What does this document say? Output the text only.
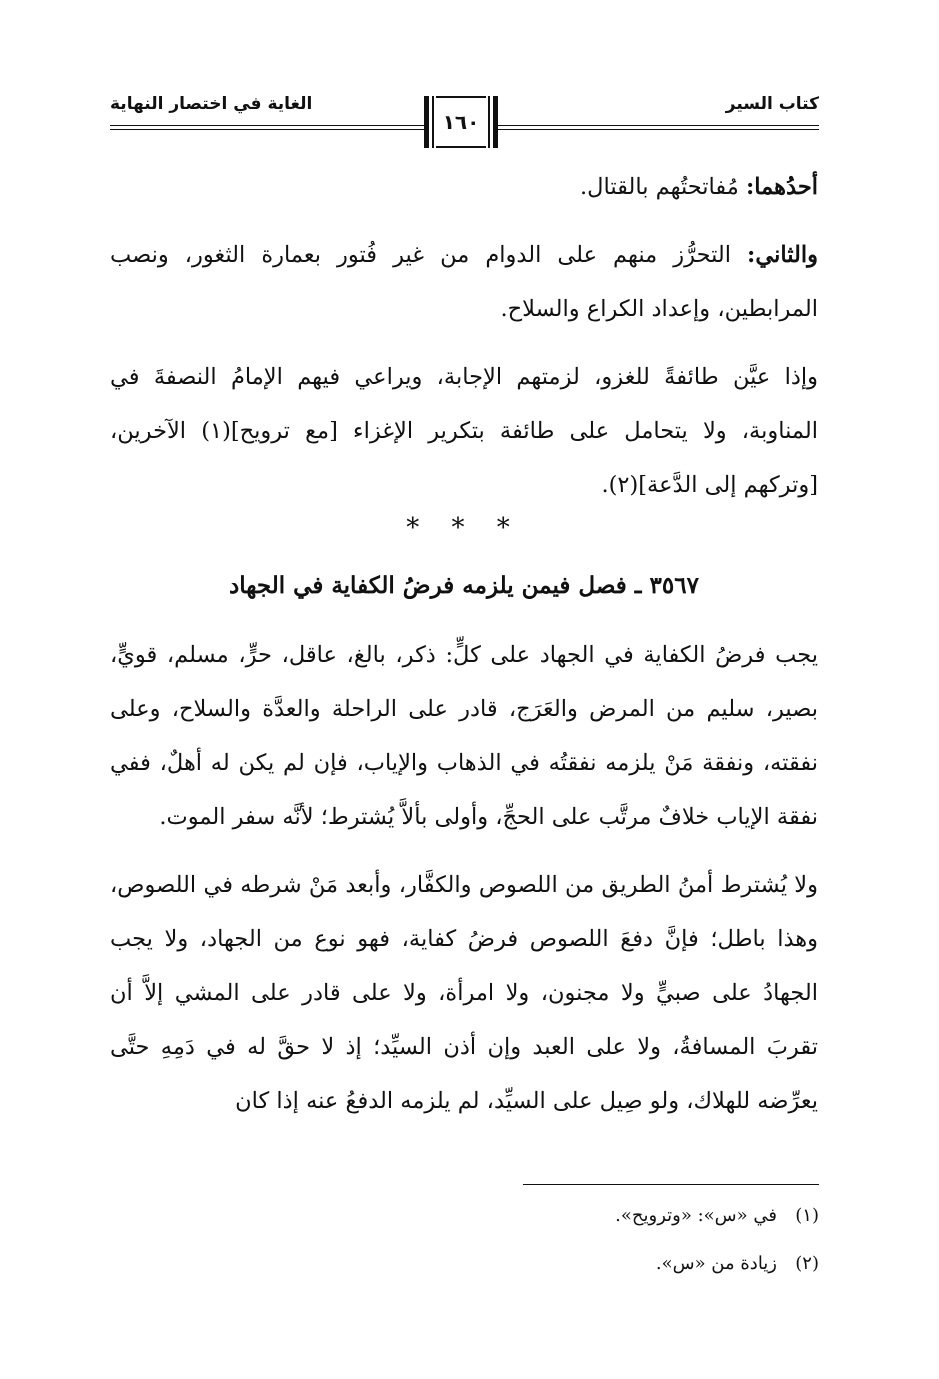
كتاب السير
الغاية في اختصار النهاية
١٦٠

أحدُهما: مُفاتحتُهم بالقتال.

والثاني: التحرُّز منهم على الدوام من غير فُتور بعمارة الثغور، ونصب المرابطين، وإعداد الكراع والسلاح.

وإذا عيَّن طائفةً للغزو، لزمتهم الإجابة، ويراعي فيهم الإمامُ النصفةَ في المناوبة، ولا يتحامل على طائفة بتكرير الإغزاء [مع ترويح](١) الآخرين، [وتركهم إلى الدَّعة](٢).

* * *
٣٥٦٧ ـ فصل فيمن يلزمه فرضُ الكفاية في الجهاد

يجب فرضُ الكفاية في الجهاد على كلٍّ: ذكر، بالغ، عاقل، حرٍّ، مسلم، قويٍّ، بصير، سليم من المرض والعَرَج، قادر على الراحلة والعدَّة والسلاح، وعلى نفقته، ونفقة مَنْ يلزمه نفقتُه في الذهاب والإياب، فإن لم يكن له أهلٌ، ففي نفقة الإياب خلافٌ مرتَّب على الحجِّ، وأولى بألاَّ يُشترط؛ لأنَّه سفر الموت.

ولا يُشترط أمنُ الطريق من اللصوص والكفَّار، وأبعد مَنْ شرطه في اللصوص، وهذا باطل؛ فإنَّ دفعَ اللصوص فرضُ كفاية، فهو نوع من الجهاد، ولا يجب الجهادُ على صبيٍّ ولا مجنون، ولا امرأة، ولا على قادر على المشي إلاَّ أن تقربَ المسافةُ، ولا على العبد وإن أذن السيِّد؛ إذ لا حقَّ له في دَمِهِ حتَّى يعرِّضه للهلاك، ولو صِيل على السيِّد، لم يلزمه الدفعُ عنه إذا كان

(١)في «س»: «وترويح».
(٢)زيادة من «س».
